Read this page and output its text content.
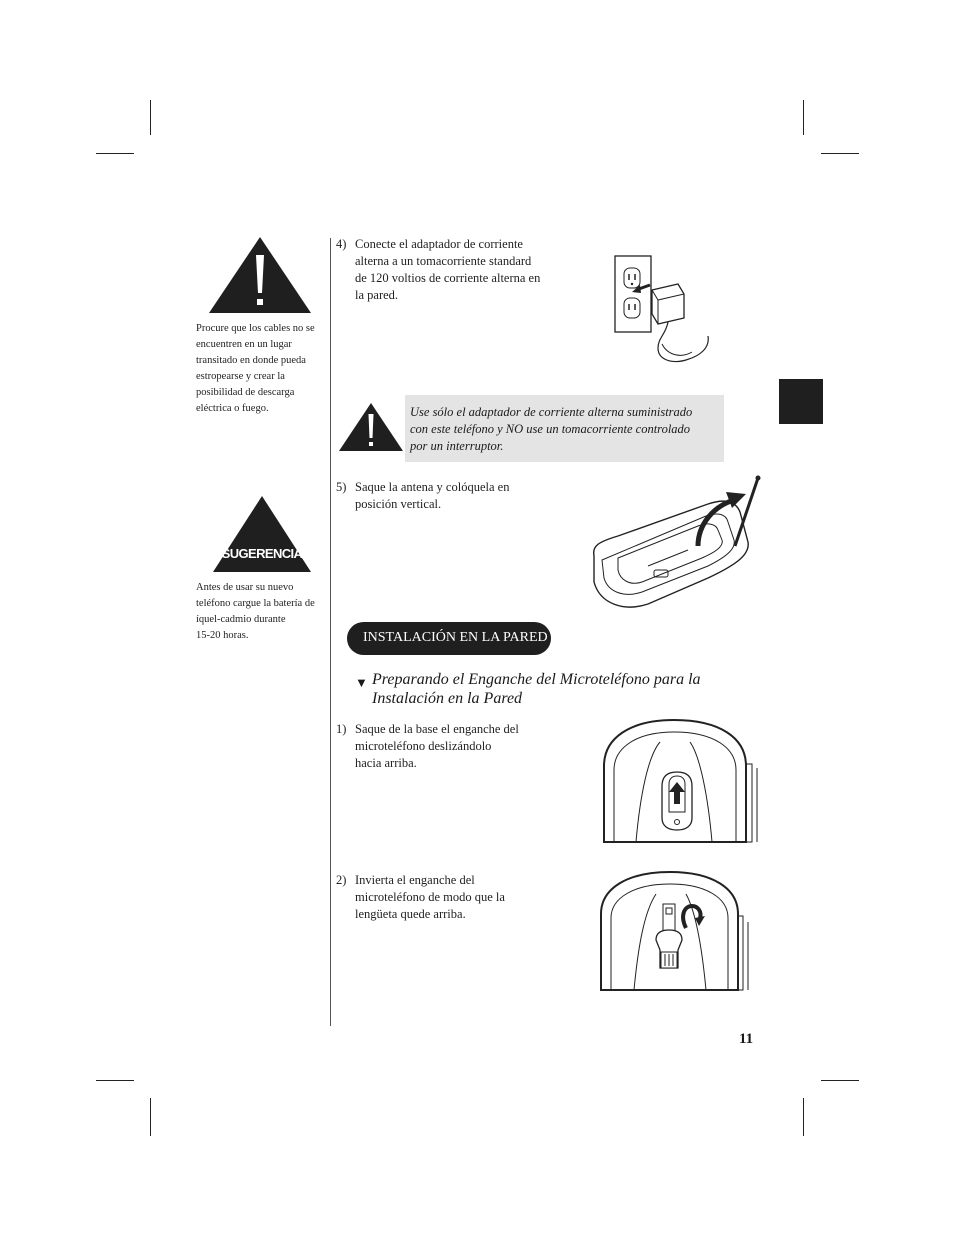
Procure que los cables no se
encuentren en un lugar
transitado en donde pueda
estropearse y crear la
posibilidad de descarga
eléctrica o fuego.
SUGERENCIA
Antes de usar su nuevo
teléfono cargue la batería de
íquel-cadmio durante
15-20 horas.
4) Conecte el adaptador de corriente
alterna a un tomacorriente standard
de 120 voltios de corriente alterna en
la pared.
Use sólo el adaptador de corriente alterna suministrado
con este teléfono y NO use un tomacorriente controlado
por un interruptor.
5) Saque la antena y colóquela en
posición vertical.
INSTALACIÓN EN LA PARED
▼ Preparando el Enganche del Microteléfono para la
Instalación en la Pared
1) Saque de la base el enganche del
microteléfono deslizándolo
hacia arriba.
2) Invierta el enganche del
microteléfono de modo que la
lengüeta quede arriba.
11
